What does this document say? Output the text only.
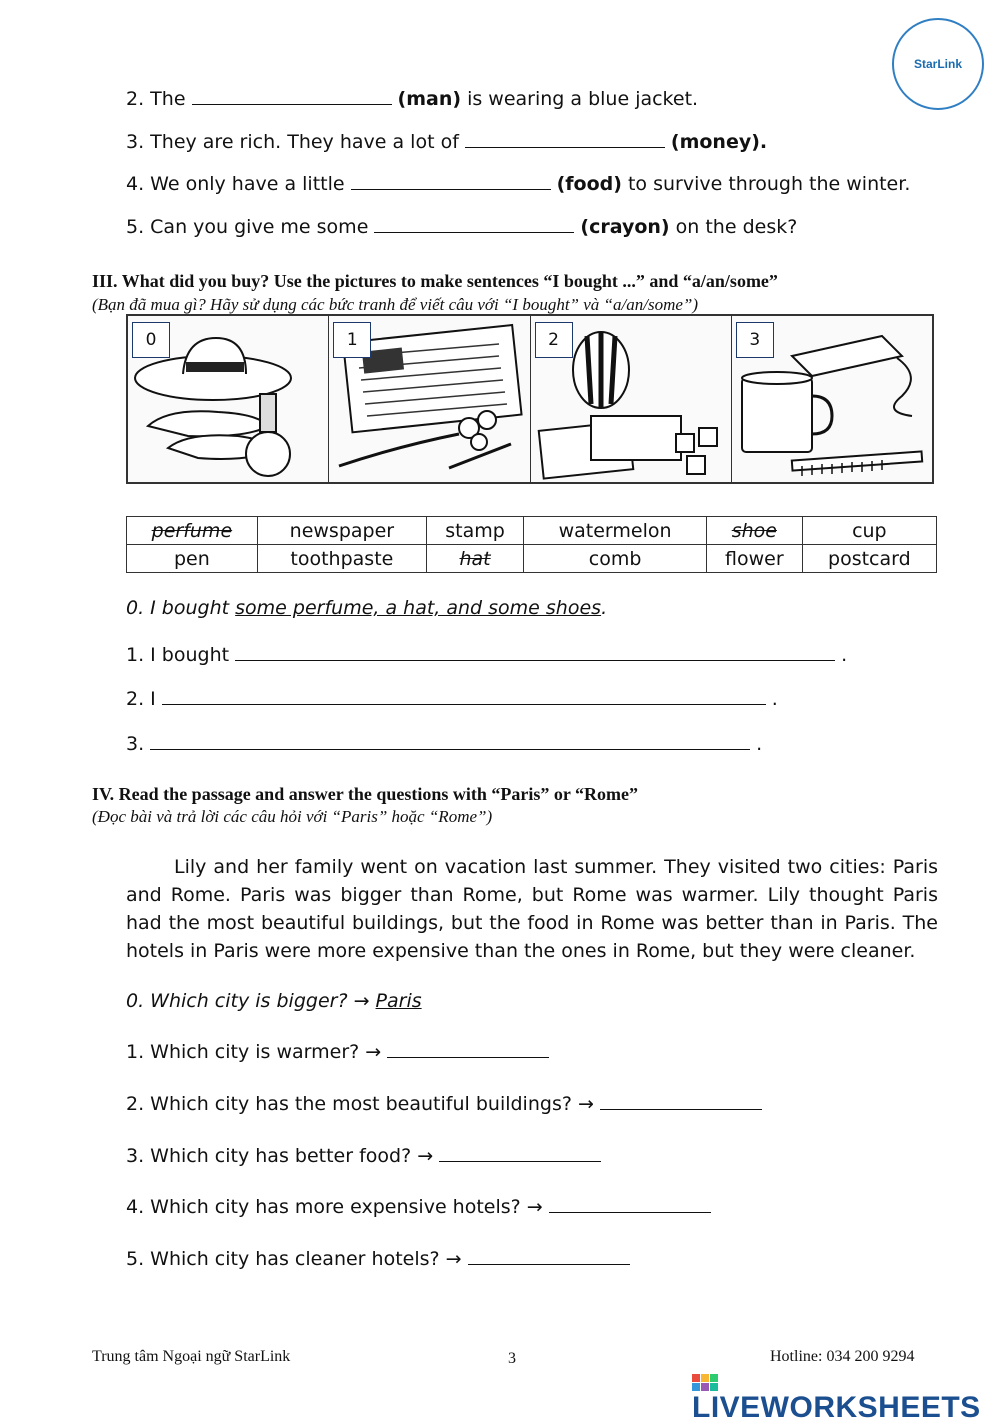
StarLink
2. The	(man) is wearing a blue jacket.
3. They are rich. They have a lot of	(money).
4. We only have a little	(food) to survive through the winter.
5. Can you give me some	(crayon) on the desk?
III. What did you buy? Use the pictures to make sentences “I bought ...” and “a/an/some”
(Bạn đã mua gì? Hãy sử dụng các bức tranh để viết câu với “I bought” và “a/an/some”)
0	1	2	3
perfume	newspaper	stamp	watermelon	shoe	cup
pen	toothpaste	hat	comb	flower	postcard
0. I bought some perfume, a hat, and some shoes.
1. I bought	.
2. I	.
3.	.
IV. Read the passage and answer the questions with “Paris” or “Rome”
(Đọc bài và trả lời các câu hỏi với “Paris” hoặc “Rome”)
Lily and her family went on vacation last summer. They visited two cities: Paris and Rome. Paris was bigger than Rome, but Rome was warmer. Lily thought Paris had the most beautiful buildings, but the food in Rome was better than in Paris. The hotels in Paris were more expensive than the ones in Rome, but they were cleaner.
0. Which city is bigger? → Paris
1. Which city is warmer? →
2. Which city has the most beautiful buildings? →
3. Which city has better food? →
4. Which city has more expensive hotels? →
5. Which city has cleaner hotels? →
Trung tâm Ngoại ngữ StarLink	3	Hotline: 034 200 9294
LIVEWORKSHEETS
